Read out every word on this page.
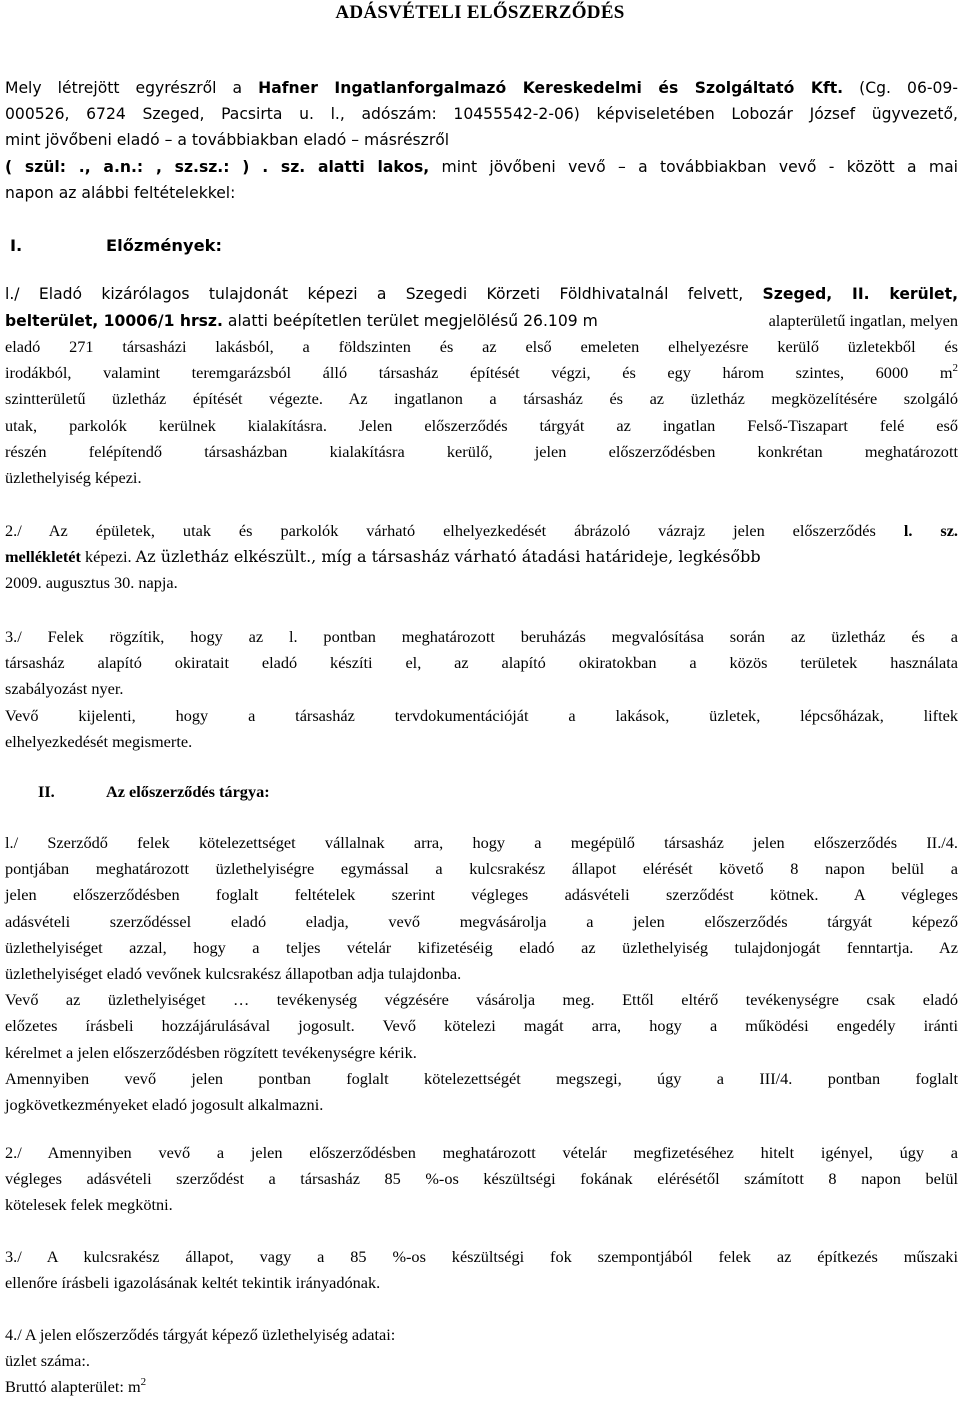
ADÁSVÉTELI ELŐSZERZŐDÉS
Mely létrejött egyrészről a Hafner Ingatlanforgalmazó Kereskedelmi és Szolgáltató Kft. (Cg. 06-09-
000526, 6724 Szeged, Pacsirta u. l., adószám: 10455542-2-06) képviseletében Lobozár József ügyvezető,
mint jövőbeni eladó – a továbbiakban eladó – másrészről
( szül: ., a.n.: , sz.sz.: ) . sz. alatti lakos, mint jövőbeni vevő – a továbbiakban vevő - között a mai
napon az alábbi feltételekkel:
I.	Előzmények:
l./ Eladó kizárólagos tulajdonát képezi a Szegedi Körzeti Földhivatalnál felvett, Szeged, II. kerület,
belterület, 10006/1 hrsz. alatti beépítetlen terület megjelölésű 26.109 m	alapterületű ingatlan, melyen
eladó 271 társasházi lakásból, a földszinten és az első emeleten elhelyezésre kerülő üzletekből és
irodákból, valamint teremgarázsból álló társasház építését végzi, és egy három szintes, 6000 $m^2$
szintterületű üzletház építését végezte. Az ingatlanon a társasház és az üzletház megközelítésére szolgáló
utak, parkolók kerülnek kialakításra. Jelen előszerződés tárgyát az ingatlan Felső-Tiszapart felé eső
részén felépítendő társasházban kialakításra kerülő, jelen előszerződésben konkrétan meghatározott
üzlethelyiség képezi.
2./ Az épületek, utak és parkolók várható elhelyezkedését ábrázoló vázrajz jelen előszerződés l. sz.
mellékletét képezi. Az üzletház elkészült., míg a társasház várható átadási határideje, legkésőbb
2009. augusztus 30. napja.
3./ Felek rögzítik, hogy az l. pontban meghatározott beruházás megvalósítása során az üzletház és a
társasház alapító okiratait eladó készíti el, az alapító okiratokban a közös területek használata
szabályozást nyer.
Vevő kijelenti, hogy a társasház tervdokumentációját a lakások, üzletek, lépcsőházak, liftek
elhelyezkedését megismerte.
II.	Az előszerződés tárgya:
l./ Szerződő felek kötelezettséget vállalnak arra, hogy a megépülő társasház jelen előszerződés II./4.
pontjában meghatározott üzlethelyiségre egymással a kulcsrakész állapot elérését követő 8 napon belül a
jelen előszerződésben foglalt feltételek szerint végleges adásvételi szerződést kötnek. A végleges
adásvételi szerződéssel eladó eladja, vevő megvásárolja a jelen előszerződés tárgyát képező
üzlethelyiséget azzal, hogy a teljes vételár kifizetéséig eladó az üzlethelyiség tulajdonjogát fenntartja. Az
üzlethelyiséget eladó vevőnek kulcsrakész állapotban adja tulajdonba.
Vevő az üzlethelyiséget … tevékenység végzésére vásárolja meg. Ettől eltérő tevékenységre csak eladó
előzetes írásbeli hozzájárulásával jogosult. Vevő kötelezi magát arra, hogy a működési engedély iránti
kérelmet a jelen előszerződésben rögzített tevékenységre kérik.
Amennyiben vevő jelen pontban foglalt kötelezettségét megszegi, úgy a III/4. pontban foglalt
jogkövetkezményeket eladó jogosult alkalmazni.
2./ Amennyiben vevő a jelen előszerződésben meghatározott vételár megfizetéséhez hitelt igényel, úgy a
végleges adásvételi szerződést a társasház 85 %-os készültségi fokának elérésétől számított 8 napon belül
kötelesek felek megkötni.
3./ A kulcsrakész állapot, vagy a 85 %-os készültségi fok szempontjából felek az építkezés műszaki
ellenőre írásbeli igazolásának keltét tekintik irányadónak.
4./ A jelen előszerződés tárgyát képező üzlethelyiség adatai:
üzlet száma:.
Bruttó alapterület: $m^2$
